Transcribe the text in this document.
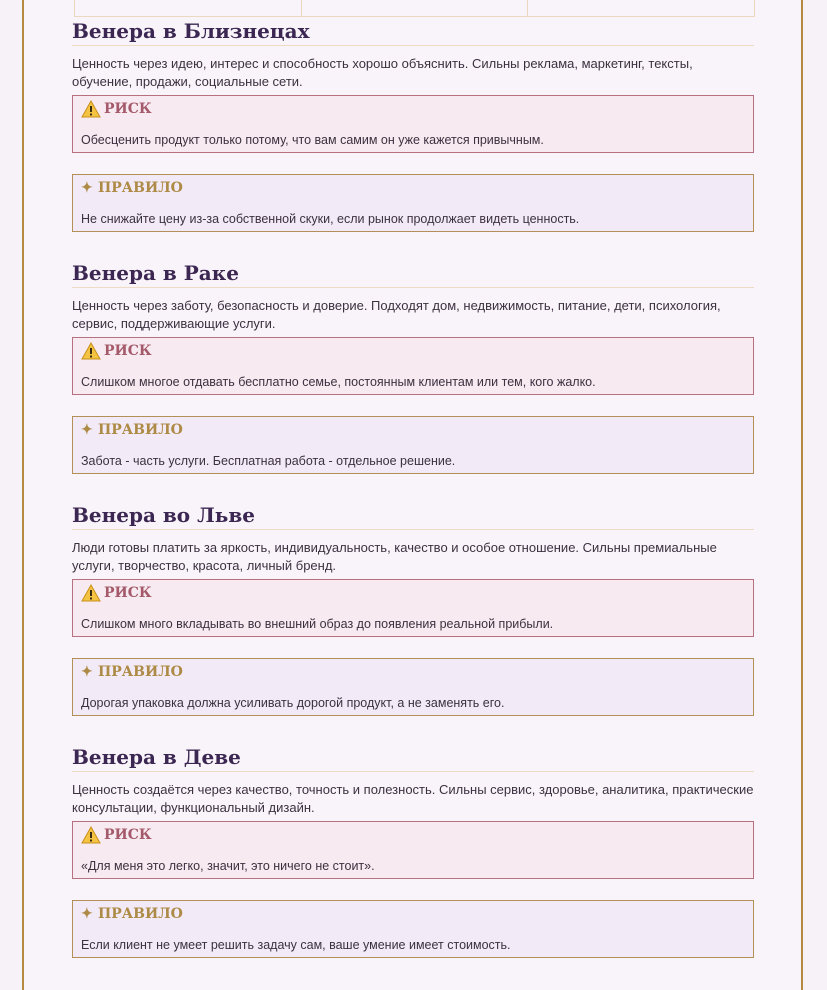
Венера в Близнецах

Ценность через идею, интерес и способность хорошо объяснить. Сильны реклама, маркетинг, тексты, обучение, продажи, социальные сети.

РИСК
Обесценить продукт только потому, что вам самим он уже кажется привычным.
✦ ПРАВИЛО
Не снижайте цену из-за собственной скуки, если рынок продолжает видеть ценность.
Венера в Раке

Ценность через заботу, безопасность и доверие. Подходят дом, недвижимость, питание, дети, психология, сервис, поддерживающие услуги.

РИСК
Слишком многое отдавать бесплатно семье, постоянным клиентам или тем, кого жалко.
✦ ПРАВИЛО
Забота - часть услуги. Бесплатная работа - отдельное решение.
Венера во Льве

Люди готовы платить за яркость, индивидуальность, качество и особое отношение. Сильны премиальные услуги, творчество, красота, личный бренд.

РИСК
Слишком много вкладывать во внешний образ до появления реальной прибыли.
✦ ПРАВИЛО
Дорогая упаковка должна усиливать дорогой продукт, а не заменять его.
Венера в Деве

Ценность создаётся через качество, точность и полезность. Сильны сервис, здоровье, аналитика, практические консультации, функциональный дизайн.

РИСК
«Для меня это легко, значит, это ничего не стоит».
✦ ПРАВИЛО
Если клиент не умеет решить задачу сам, ваше умение имеет стоимость.
